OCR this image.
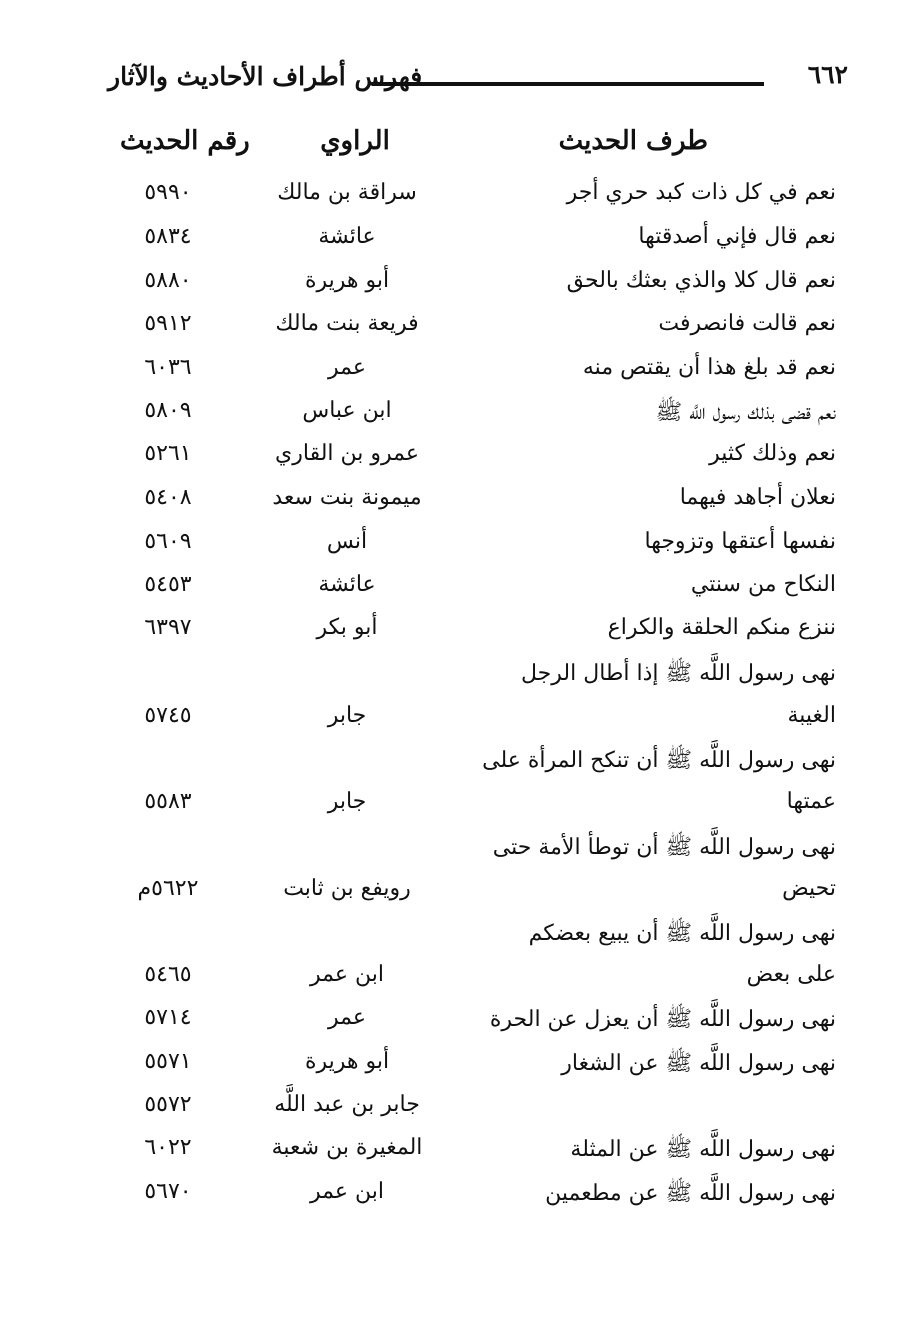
٦٦٢
فهرس أطراف الأحاديث والآثار
طرف الحديث
الراوي
رقم الحديث
نعم في كل ذات كبد حري أجر
سراقة بن مالك
٥٩٩٠
نعم قال فإني أصدقتها
عائشة
٥٨٣٤
نعم قال كلا والذي بعثك بالحق
أبو هريرة
٥٨٨٠
نعم قالت فانصرفت
فريعة بنت مالك
٥٩١٢
نعم قد بلغ هذا أن يقتص منه
عمر
٦٠٣٦
نعم قضى بذلك رسول اللَّه ﷺ
ابن عباس
٥٨٠٩
نعم وذلك كثير
عمرو بن القاري
٥٢٦١
نعلان أجاهد فيهما
ميمونة بنت سعد
٥٤٠٨
نفسها أعتقها وتزوجها
أنس
٥٦٠٩
النكاح من سنتي
عائشة
٥٤٥٣
ننزع منكم الحلقة والكراع
أبو بكر
٦٣٩٧
نهى رسول اللَّه ﷺ إذا أطال الرجل
الغيبة
جابر
٥٧٤٥
نهى رسول اللَّه ﷺ أن تنكح المرأة على
عمتها
جابر
٥٥٨٣
نهى رسول اللَّه ﷺ أن توطأ الأمة حتى
تحيض
رويفع بن ثابت
٥٦٢٢م
نهى رسول اللَّه ﷺ أن يبيع بعضكم
على بعض
ابن عمر
٥٤٦٥
نهى رسول اللَّه ﷺ أن يعزل عن الحرة
عمر
٥٧١٤
نهى رسول اللَّه ﷺ عن الشغار
أبو هريرة
٥٥٧١
جابر بن عبد اللَّه
٥٥٧٢
نهى رسول اللَّه ﷺ عن المثلة
المغيرة بن شعبة
٦٠٢٢
نهى رسول اللَّه ﷺ عن مطعمين
ابن عمر
٥٦٧٠
